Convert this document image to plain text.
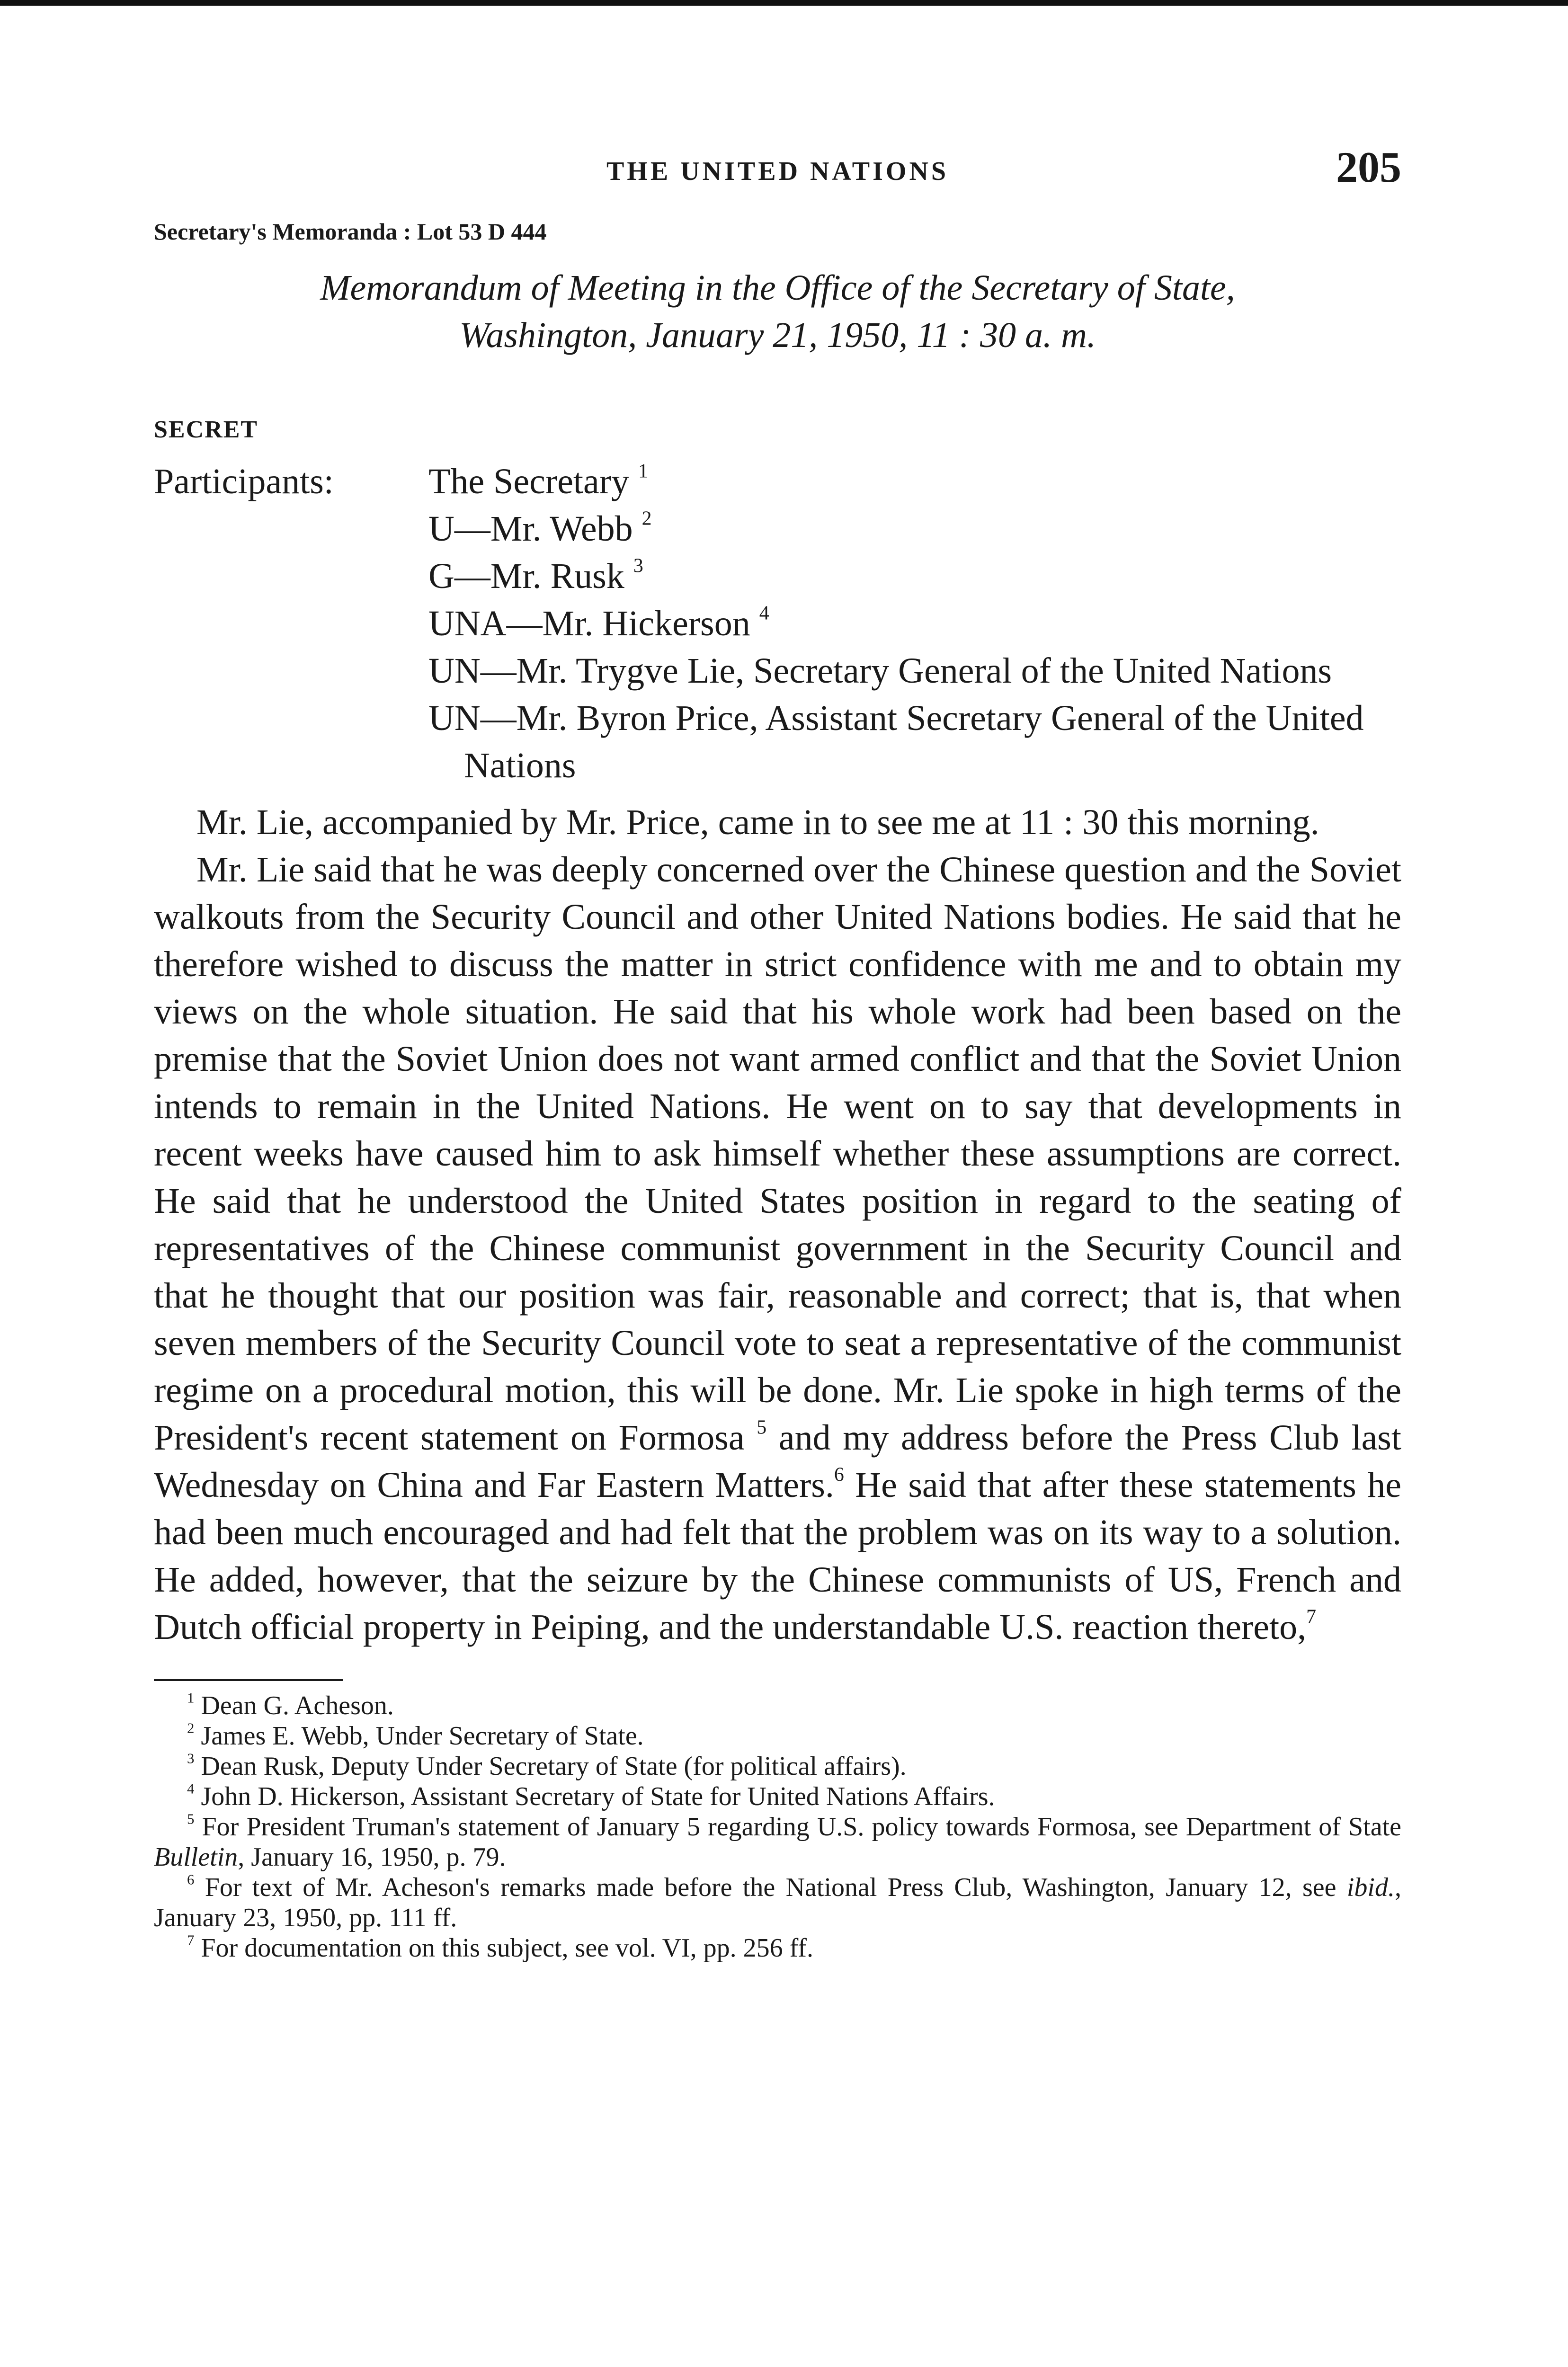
THE UNITED NATIONS	205
Secretary's Memoranda : Lot 53 D 444
Memorandum of Meeting in the Office of the Secretary of State,
Washington, January 21, 1950, 11 : 30 a. m.
SECRET
Participants:	The Secretary $^1$
U—Mr. Webb $^2$
G—Mr. Rusk $^3$
UNA—Mr. Hickerson $^4$
UN—Mr. Trygve Lie, Secretary General of the United Nations
UN—Mr. Byron Price, Assistant Secretary General of the United Nations

Mr. Lie, accompanied by Mr. Price, came in to see me at 11 : 30 this morning.

Mr. Lie said that he was deeply concerned over the Chinese question and the Soviet walkouts from the Security Council and other United Nations bodies. He said that he therefore wished to discuss the matter in strict confidence with me and to obtain my views on the whole situation. He said that his whole work had been based on the premise that the Soviet Union does not want armed conflict and that the Soviet Union intends to remain in the United Nations. He went on to say that developments in recent weeks have caused him to ask himself whether these assumptions are correct. He said that he understood the United States position in regard to the seating of representatives of the Chinese communist government in the Security Council and that he thought that our position was fair, reasonable and correct; that is, that when seven members of the Security Council vote to seat a representative of the communist regime on a procedural motion, this will be done. Mr. Lie spoke in high terms of the President's recent statement on Formosa $^5$ and my address before the Press Club last Wednesday on China and Far Eastern Matters.$^6$ He said that after these statements he had been much encouraged and had felt that the problem was on its way to a solution. He added, however, that the seizure by the Chinese communists of US, French and Dutch official property in Peiping, and the understandable U.S. reaction thereto,$^7$

$^1$ Dean G. Acheson.

$^2$ James E. Webb, Under Secretary of State.

$^3$ Dean Rusk, Deputy Under Secretary of State (for political affairs).

$^4$ John D. Hickerson, Assistant Secretary of State for United Nations Affairs.

$^5$ For President Truman's statement of January 5 regarding U.S. policy towards Formosa, see Department of State Bulletin, January 16, 1950, p. 79.

$^6$ For text of Mr. Acheson's remarks made before the National Press Club, Washington, January 12, see ibid., January 23, 1950, pp. 111 ff.

$^7$ For documentation on this subject, see vol. VI, pp. 256 ff.
